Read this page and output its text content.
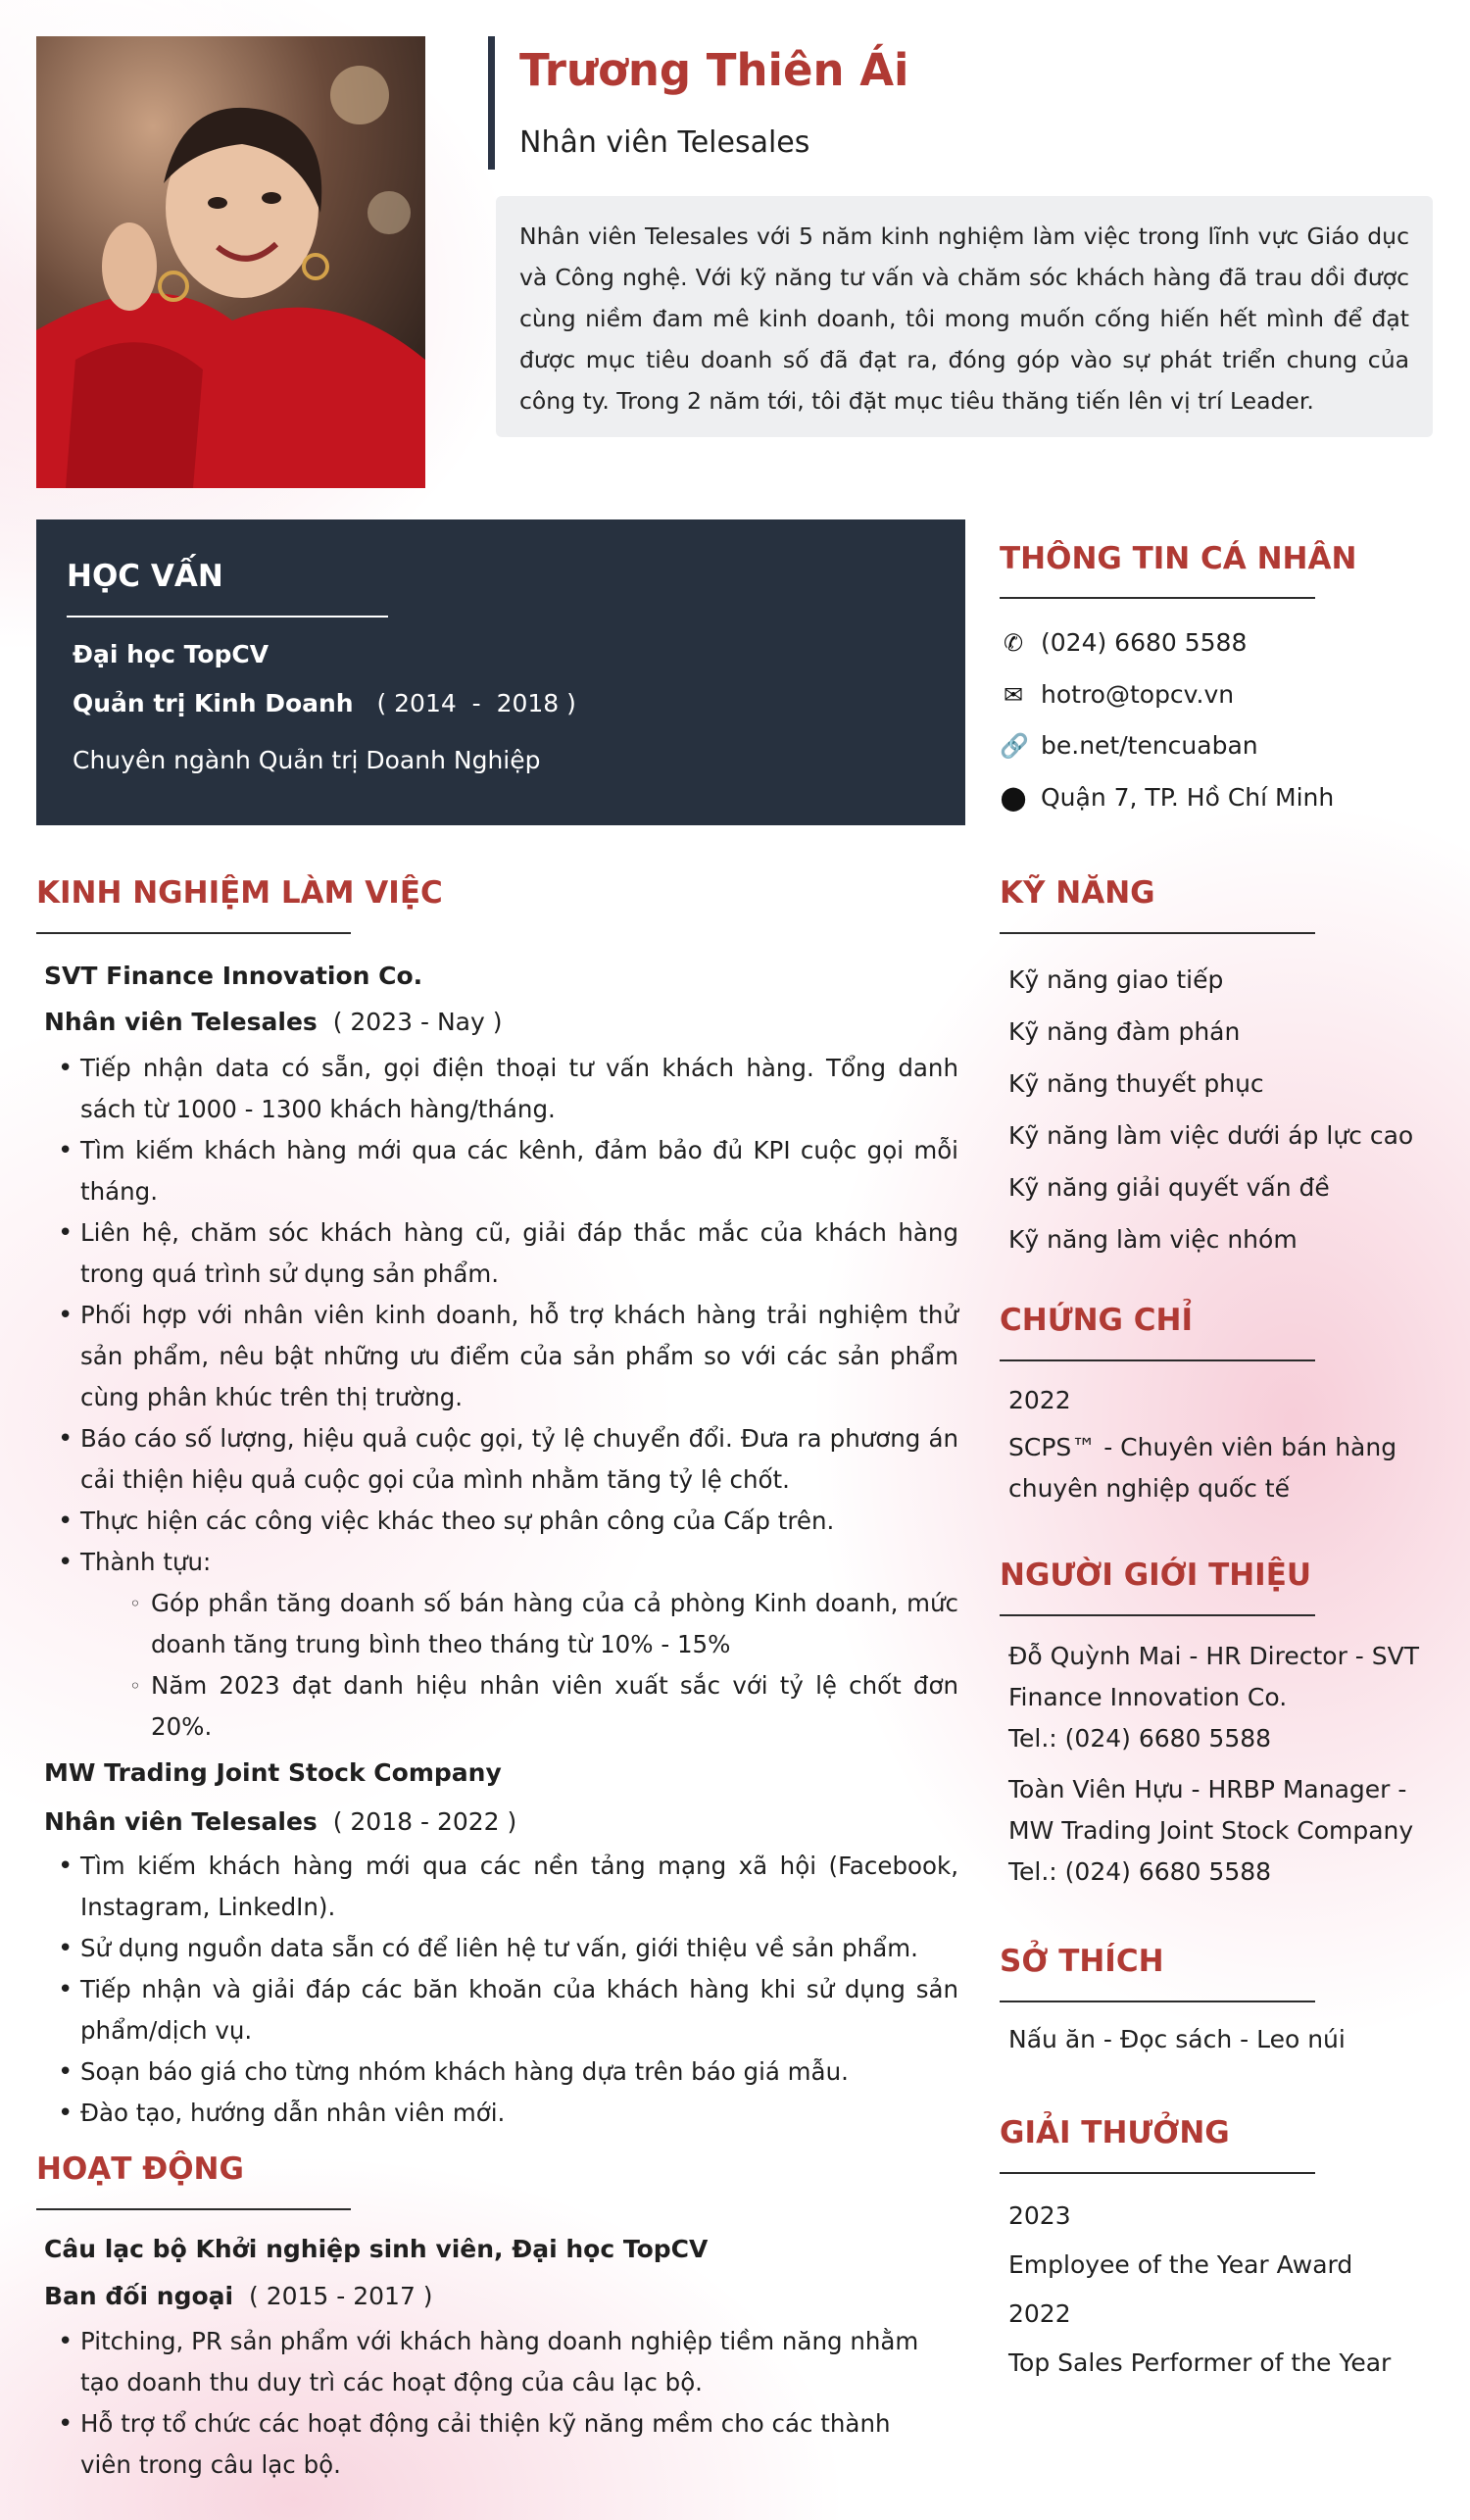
Trương Thiên Ái
Nhân viên Telesales
Nhân viên Telesales với 5 năm kinh nghiệm làm việc trong lĩnh vực Giáo dục và Công nghệ. Với kỹ năng tư vấn và chăm sóc khách hàng đã trau dồi được cùng niềm đam mê kinh doanh, tôi mong muốn cống hiến hết mình để đạt được mục tiêu doanh số đã đạt ra, đóng góp vào sự phát triển chung của công ty. Trong 2 năm tới, tôi đặt mục tiêu thăng tiến lên vị trí Leader.
HỌC VẤN
Đại học TopCV
Quản trị Kinh Doanh   ( 2014  -  2018 )
Chuyên ngành Quản trị Doanh Nghiệp
THÔNG TIN CÁ NHÂN
✆ (024) 6680 5588
✉ hotro@topcv.vn
🔗 be.net/tencuaban
⬤ Quận 7, TP. Hồ Chí Minh
KINH NGHIỆM LÀM VIỆC
SVT Finance Innovation Co.
Nhân viên Telesales ( 2023 - Nay )
• Tiếp nhận data có sẵn, gọi điện thoại tư vấn khách hàng. Tổng danh sách từ 1000 - 1300 khách hàng/tháng.
• Tìm kiếm khách hàng mới qua các kênh, đảm bảo đủ KPI cuộc gọi mỗi tháng.
• Liên hệ, chăm sóc khách hàng cũ, giải đáp thắc mắc của khách hàng trong quá trình sử dụng sản phẩm.
• Phối hợp với nhân viên kinh doanh, hỗ trợ khách hàng trải nghiệm thử sản phẩm, nêu bật những ưu điểm của sản phẩm so với các sản phẩm cùng phân khúc trên thị trường.
• Báo cáo số lượng, hiệu quả cuộc gọi, tỷ lệ chuyển đổi. Đưa ra phương án cải thiện hiệu quả cuộc gọi của mình nhằm tăng tỷ lệ chốt.
• Thực hiện các công việc khác theo sự phân công của Cấp trên.
• Thành tựu:
◦ Góp phần tăng doanh số bán hàng của cả phòng Kinh doanh, mức doanh tăng trung bình theo tháng từ 10% - 15%
◦ Năm 2023 đạt danh hiệu nhân viên xuất sắc với tỷ lệ chốt đơn 20%.
MW Trading Joint Stock Company
Nhân viên Telesales ( 2018 - 2022 )
• Tìm kiếm khách hàng mới qua các nền tảng mạng xã hội (Facebook, Instagram, LinkedIn).
• Sử dụng nguồn data sẵn có để liên hệ tư vấn, giới thiệu về sản phẩm.
• Tiếp nhận và giải đáp các băn khoăn của khách hàng khi sử dụng sản phẩm/dịch vụ.
• Soạn báo giá cho từng nhóm khách hàng dựa trên báo giá mẫu.
• Đào tạo, hướng dẫn nhân viên mới.
HOẠT ĐỘNG
Câu lạc bộ Khởi nghiệp sinh viên, Đại học TopCV
Ban đối ngoại ( 2015 - 2017 )
• Pitching, PR sản phẩm với khách hàng doanh nghiệp tiềm năng nhằm tạo doanh thu duy trì các hoạt động của câu lạc bộ.
• Hỗ trợ tổ chức các hoạt động cải thiện kỹ năng mềm cho các thành viên trong câu lạc bộ.
KỸ NĂNG
Kỹ năng giao tiếp
Kỹ năng đàm phán
Kỹ năng thuyết phục
Kỹ năng làm việc dưới áp lực cao
Kỹ năng giải quyết vấn đề
Kỹ năng làm việc nhóm
CHỨNG CHỈ
2022
SCPS™ - Chuyên viên bán hàng chuyên nghiệp quốc tế
NGƯỜI GIỚI THIỆU
Đỗ Quỳnh Mai - HR Director - SVT Finance Innovation Co.
Tel.: (024) 6680 5588
Toàn Viên Hựu - HRBP Manager - MW Trading Joint Stock Company
Tel.: (024) 6680 5588
SỞ THÍCH
Nấu ăn - Đọc sách - Leo núi
GIẢI THƯỞNG
2023
Employee of the Year Award
2022
Top Sales Performer of the Year
